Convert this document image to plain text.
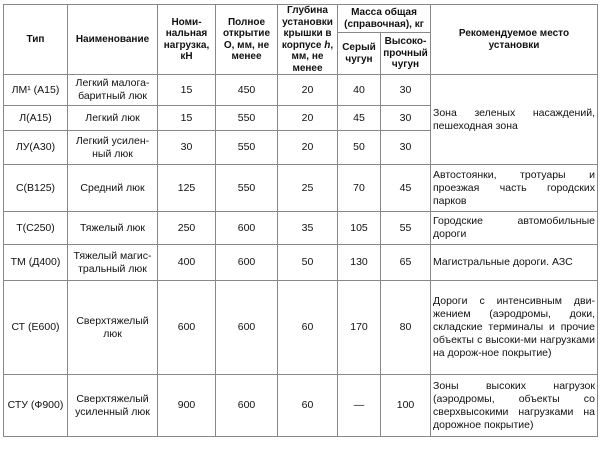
Тип	Наименование	Номи-нальная нагрузка, кН	Полное открытие О, мм, не менее	Глубина установки крышки в корпусе h, мм, не менее	Масса общая (справочная), кг		Рекомендуемое место установки
					Серый чугун	Высоко-прочный чугун	
ЛМ¹ (А15)	Легкий малога-баритный люк	15	450	20	40	30	Зона зеленых насаждений, пешеходная зона
Л(А15)	Легкий люк	15	550	20	45	30	
ЛУ(А30)	Легкий усилен-ный люк	30	550	20	50	30	
С(В125)	Средний люк	125	550	25	70	45	Автостоянки, тротуары и проезжая часть городских парков
Т(С250)	Тяжелый люк	250	600	35	105	55	Городские автомобильные дороги
ТМ (Д400)	Тяжелый магис-тральный люк	400	600	50	130	65	Магистральные дороги. АЗС
СТ (Е600)	Сверхтяжелый люк	600	600	60	170	80	Дороги с интенсивным дви-жением (аэродромы, доки, складские терминалы и прочие объекты с высоки-ми нагрузками на дорож-ное покрытие)
СТУ (Ф900)	Сверхтяжелый усиленный люк	900	600	60	—	100	Зоны высоких нагрузок (аэродромы, объекты со сверхвысокими нагрузками на дорожное покрытие)
